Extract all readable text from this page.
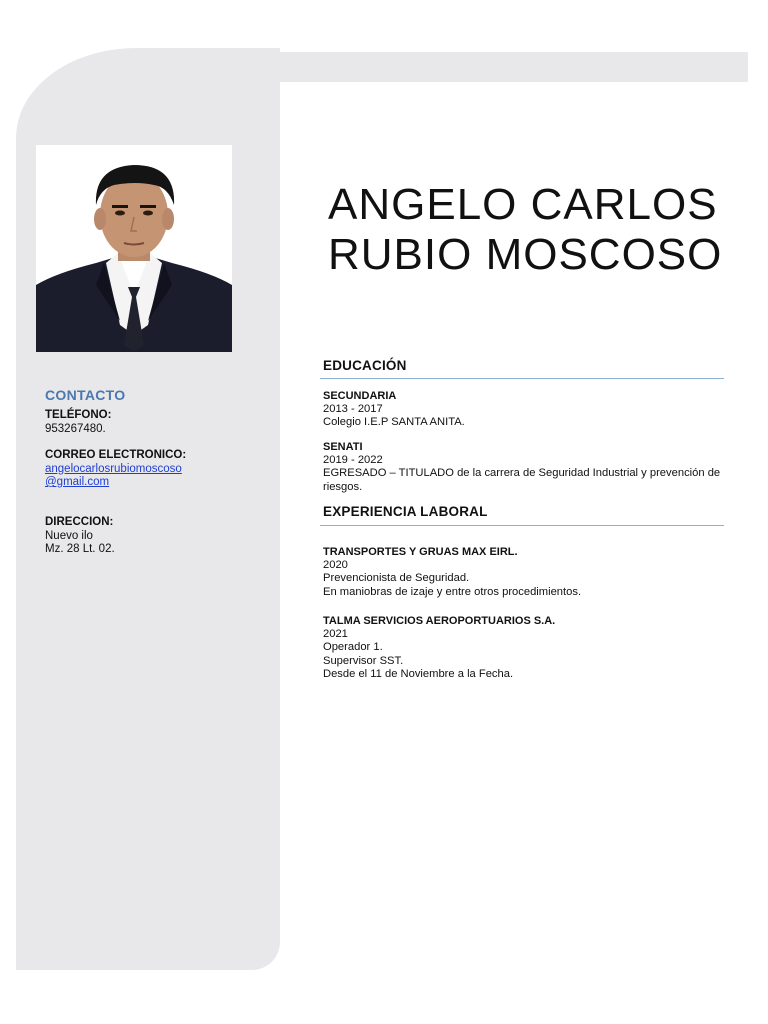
CONTACTO
TELÉFONO:
953267480.
CORREO ELECTRONICO:
angelocarlosrubiomoscoso@gmail.com
DIRECCION:
Nuevo ilo
Mz. 28 Lt. 02.
ANGELO CARLOS
RUBIO MOSCOSO
EDUCACIÓN
SECUNDARIA
2013 - 2017
Colegio I.E.P SANTA ANITA.
SENATI
2019 - 2022
EGRESADO – TITULADO de la carrera de Seguridad Industrial y prevención de riesgos.
EXPERIENCIA LABORAL
TRANSPORTES Y GRUAS MAX EIRL.
2020
Prevencionista de Seguridad.
En maniobras de izaje y entre otros procedimientos.
TALMA SERVICIOS AEROPORTUARIOS S.A.
2021
Operador 1.
Supervisor SST.
Desde el 11 de Noviembre a la Fecha.
